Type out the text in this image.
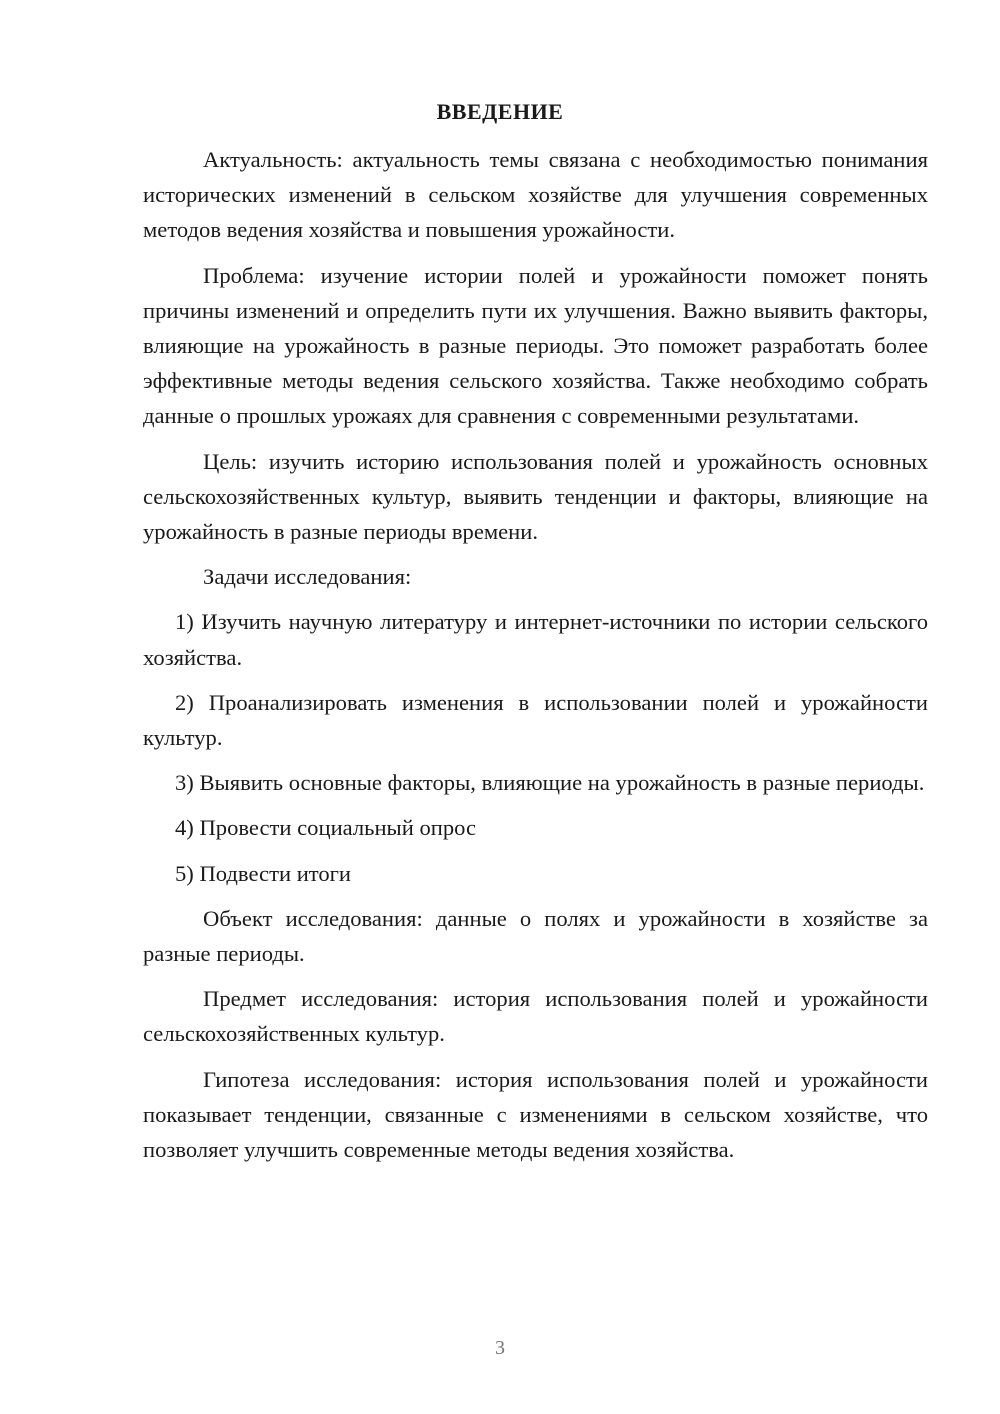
ВВЕДЕНИЕ

Актуальность: актуальность темы связана с необходимостью понимания исторических изменений в сельском хозяйстве для улучшения современных методов ведения хозяйства и повышения урожайности.

Проблема: изучение истории полей и урожайности поможет понять причины изменений и определить пути их улучшения. Важно выявить факторы, влияющие на урожайность в разные периоды. Это поможет разработать более эффективные методы ведения сельского хозяйства. Также необходимо собрать данные о прошлых урожаях для сравнения с современными результатами.

Цель: изучить историю использования полей и урожайность основных сельскохозяйственных культур, выявить тенденции и факторы, влияющие на урожайность в разные периоды времени.

Задачи исследования:

1) Изучить научную литературу и интернет-источники по истории сельского хозяйства.

2) Проанализировать изменения в использовании полей и урожайности культур.

3) Выявить основные факторы, влияющие на урожайность в разные периоды.

4) Провести социальный опрос

5) Подвести итоги

Объект исследования: данные о полях и урожайности в хозяйстве за разные периоды.

Предмет исследования: история использования полей и урожайности сельскохозяйственных культур.

Гипотеза исследования: история использования полей и урожайности показывает тенденции, связанные с изменениями в сельском хозяйстве, что позволяет улучшить современные методы ведения хозяйства.

3
